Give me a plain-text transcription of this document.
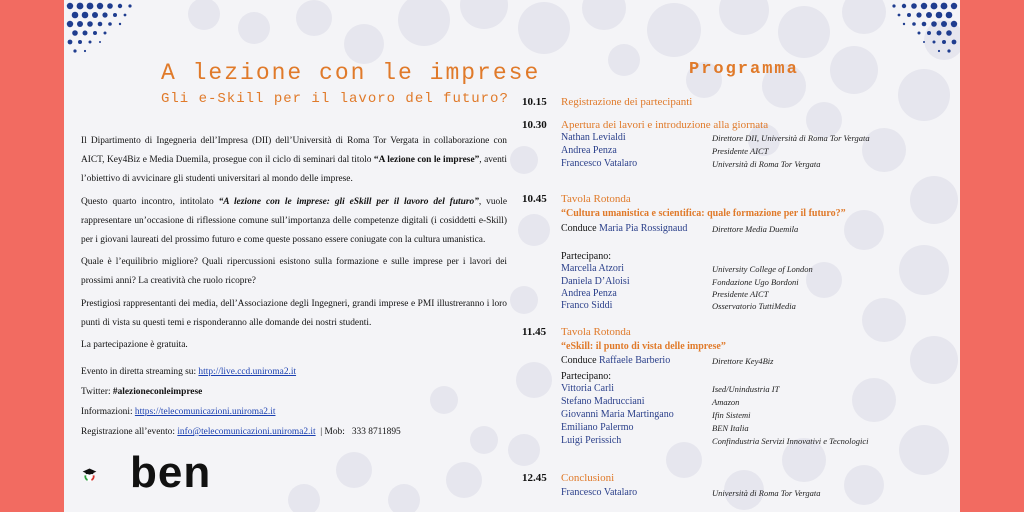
A lezione con le imprese
Gli e-Skill per il lavoro del futuro?

Il Dipartimento di Ingegneria dell’Impresa (DII) dell’Università di Roma Tor Vergata in collaborazione con AICT, Key4Biz e Media Duemila, prosegue con il ciclo di seminari dal titolo “A lezione con le imprese”, aventi l’obiettivo di avvicinare gli studenti universitari al mondo delle imprese.

Questo quarto incontro, intitolato “A lezione con le imprese: gli eSkill per il lavoro del futuro”, vuole rappresentare un’occasione di riflessione comune sull’importanza delle competenze digitali (i cosiddetti e-Skill) per i giovani laureati del prossimo futuro e come queste possano essere coniugate con la cultura umanistica.

Quale è l’equilibrio migliore? Quali ripercussioni esistono sulla formazione e sulle imprese per i lavori dei prossimi anni? La creatività che ruolo ricopre?

Prestigiosi rappresentanti dei media, dell’Associazione degli Ingegneri, grandi imprese e PMI illustreranno i loro punti di vista su questi temi e risponderanno alle domande dei nostri studenti.

La partecipazione è gratuita.

Evento in diretta streaming su: http://live.ccd.uniroma2.it
Twitter: #alezioneconleimprese
Informazioni: https://telecomunicazioni.uniroma2.it
Registrazione all’evento: info@telecomunicazioni.uniroma2.it  | Mob:   333 8711895
ben
Programma
10.15 Registrazione dei partecipanti
10.30 Apertura dei lavori e introduzione alla giornata
Nathan Levialdi	Direttore DII, Università di Roma Tor Vergata
Andrea Penza	Presidente AICT
Francesco Vatalaro	Università di Roma Tor Vergata
10.45 Tavola Rotonda
“Cultura umanistica e scientifica: quale formazione per il futuro?”
Conduce Maria Pia Rossignaud	Direttore Media Duemila
Partecipano:
Marcella Atzori	University College of London
Daniela D’Aloisi	Fondazione Ugo Bordoni
Andrea Penza	Presidente AICT
Franco Siddi	Osservatorio TuttiMedia
11.45 Tavola Rotonda
“eSkill: il punto di vista delle imprese”
Conduce Raffaele Barberio	Direttore Key4Biz
Partecipano:
Vittoria Carli	Ised/Unindustria IT
Stefano Madrucciani	Amazon
Giovanni Maria Martingano	Ifin Sistemi
Emiliano Palermo	BEN Italia
Luigi Perissich	Confindustria Servizi Innovativi e Tecnologici
12.45 Conclusioni
Francesco Vatalaro	Università di Roma Tor Vergata
